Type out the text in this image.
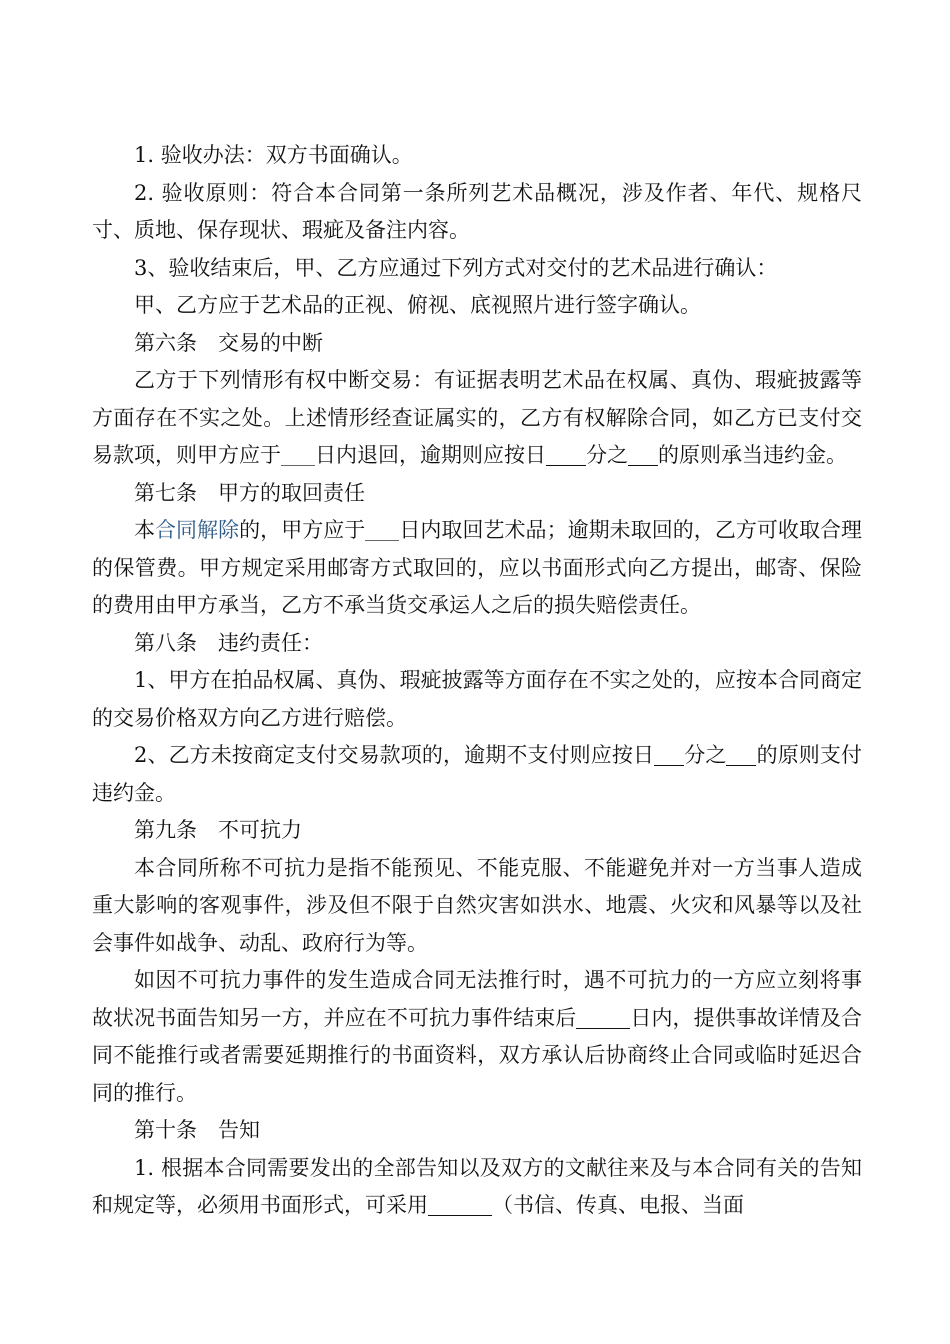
1. 验收办法：双方书面确认。

2. 验收原则：符合本合同第一条所列艺术品概况，涉及作者、年代、规格尺寸、质地、保存现状、瑕疵及备注内容。

3、验收结束后，甲、乙方应通过下列方式对交付的艺术品进行确认：

甲、乙方应于艺术品的正视、俯视、底视照片进行签字确认。

第六条　交易的中断

乙方于下列情形有权中断交易：有证据表明艺术品在权属、真伪、瑕疵披露等方面存在不实之处。上述情形经查证属实的，乙方有权解除合同，如乙方已支付交易款项，则甲方应于 日内退回，逾期则应按日 分之 的原则承当违约金。

第七条　甲方的取回责任

本合同解除的，甲方应于 日内取回艺术品；逾期未取回的，乙方可收取合理的保管费。甲方规定采用邮寄方式取回的，应以书面形式向乙方提出，邮寄、保险的费用由甲方承当，乙方不承当货交承运人之后的损失赔偿责任。

第八条　违约责任：

1、甲方在拍品权属、真伪、瑕疵披露等方面存在不实之处的，应按本合同商定的交易价格双方向乙方进行赔偿。

2、乙方未按商定支付交易款项的，逾期不支付则应按日 分之 的原则支付违约金。

第九条　不可抗力

本合同所称不可抗力是指不能预见、不能克服、不能避免并对一方当事人造成重大影响的客观事件，涉及但不限于自然灾害如洪水、地震、火灾和风暴等以及社会事件如战争、动乱、政府行为等。

如因不可抗力事件的发生造成合同无法推行时，遇不可抗力的一方应立刻将事故状况书面告知另一方，并应在不可抗力事件结束后	日内，提供事故详情及合同不能推行或者需要延期推行的书面资料，双方承认后协商终止合同或临时延迟合同的推行。

第十条　告知

1. 根据本合同需要发出的全部告知以及双方的文献往来及与本合同有关的告知和规定等，必须用书面形式，可采用	（书信、传真、电报、当面
